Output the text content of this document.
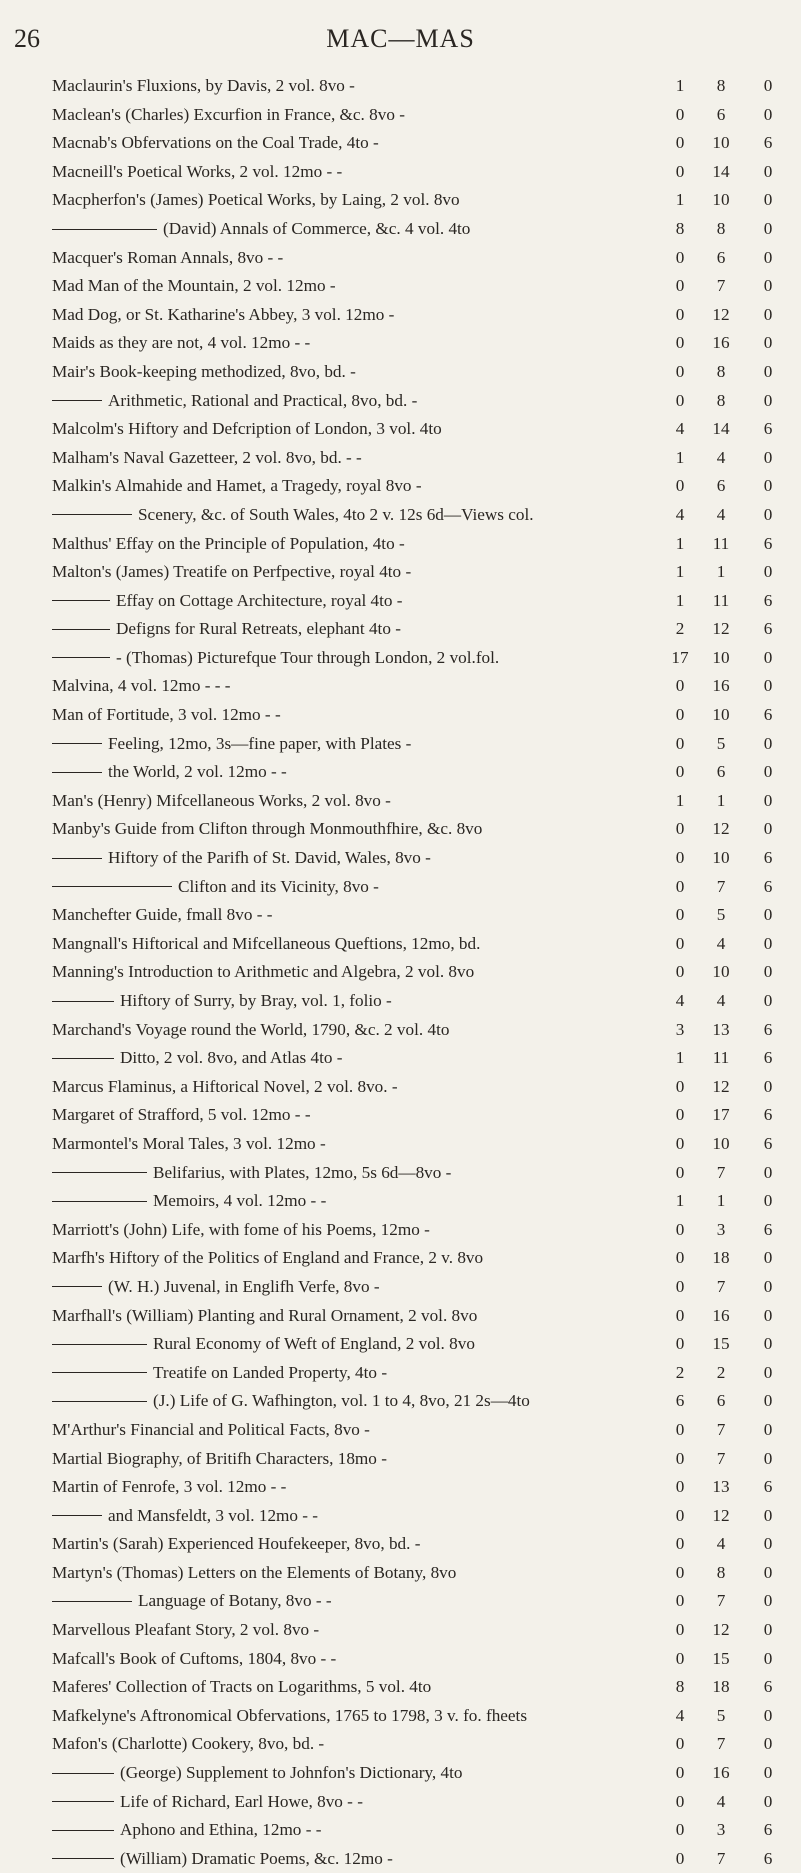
26	MAC—MAS
Maclaurin's Fluxions, by Davis, 2 vol. 8vo -	1	8	0
Maclean's (Charles) Excurfion in France, &c. 8vo -	0	6	0
Macnab's Obfervations on the Coal Trade, 4to -	0	10	6
Macneill's Poetical Works, 2 vol. 12mo - -	0	14	0
Macpherfon's (James) Poetical Works, by Laing, 2 vol. 8vo	1	10	0
(David) Annals of Commerce, &c. 4 vol. 4to	8	8	0
Macquer's Roman Annals, 8vo - -	0	6	0
Mad Man of the Mountain, 2 vol. 12mo -	0	7	0
Mad Dog, or St. Katharine's Abbey, 3 vol. 12mo -	0	12	0
Maids as they are not, 4 vol. 12mo - -	0	16	0
Mair's Book-keeping methodized, 8vo, bd. -	0	8	0
Arithmetic, Rational and Practical, 8vo, bd. -	0	8	0
Malcolm's Hiftory and Defcription of London, 3 vol. 4to	4	14	6
Malham's Naval Gazetteer, 2 vol. 8vo, bd. - -	1	4	0
Malkin's Almahide and Hamet, a Tragedy, royal 8vo -	0	6	0
Scenery, &c. of South Wales, 4to 2 v. 12s 6d—Views col.	4	4	0
Malthus' Effay on the Principle of Population, 4to -	1	11	6
Malton's (James) Treatife on Perfpective, royal 4to -	1	1	0
Effay on Cottage Architecture, royal 4to -	1	11	6
Defigns for Rural Retreats, elephant 4to -	2	12	6
- (Thomas) Picturefque Tour through London, 2 vol.fol.	17	10	0
Malvina, 4 vol. 12mo - - -	0	16	0
Man of Fortitude, 3 vol. 12mo - -	0	10	6
Feeling, 12mo, 3s—fine paper, with Plates -	0	5	0
the World, 2 vol. 12mo - -	0	6	0
Man's (Henry) Mifcellaneous Works, 2 vol. 8vo -	1	1	0
Manby's Guide from Clifton through Monmouthfhire, &c. 8vo	0	12	0
Hiftory of the Parifh of St. David, Wales, 8vo -	0	10	6
Clifton and its Vicinity, 8vo -	0	7	6
Manchefter Guide, fmall 8vo - -	0	5	0
Mangnall's Hiftorical and Mifcellaneous Queftions, 12mo, bd.	0	4	0
Manning's Introduction to Arithmetic and Algebra, 2 vol. 8vo	0	10	0
Hiftory of Surry, by Bray, vol. 1, folio -	4	4	0
Marchand's Voyage round the World, 1790, &c. 2 vol. 4to	3	13	6
Ditto, 2 vol. 8vo, and Atlas 4to -	1	11	6
Marcus Flaminus, a Hiftorical Novel, 2 vol. 8vo. -	0	12	0
Margaret of Strafford, 5 vol. 12mo - -	0	17	6
Marmontel's Moral Tales, 3 vol. 12mo -	0	10	6
Belifarius, with Plates, 12mo, 5s 6d—8vo -	0	7	0
Memoirs, 4 vol. 12mo - -	1	1	0
Marriott's (John) Life, with fome of his Poems, 12mo -	0	3	6
Marfh's Hiftory of the Politics of England and France, 2 v. 8vo	0	18	0
(W. H.) Juvenal, in Englifh Verfe, 8vo -	0	7	0
Marfhall's (William) Planting and Rural Ornament, 2 vol. 8vo	0	16	0
Rural Economy of Weft of England, 2 vol. 8vo	0	15	0
Treatife on Landed Property, 4to -	2	2	0
(J.) Life of G. Wafhington, vol. 1 to 4, 8vo, 21 2s—4to	6	6	0
M'Arthur's Financial and Political Facts, 8vo -	0	7	0
Martial Biography, of Britifh Characters, 18mo -	0	7	0
Martin of Fenrofe, 3 vol. 12mo - -	0	13	6
and Mansfeldt, 3 vol. 12mo - -	0	12	0
Martin's (Sarah) Experienced Houfekeeper, 8vo, bd. -	0	4	0
Martyn's (Thomas) Letters on the Elements of Botany, 8vo	0	8	0
Language of Botany, 8vo - -	0	7	0
Marvellous Pleafant Story, 2 vol. 8vo -	0	12	0
Mafcall's Book of Cuftoms, 1804, 8vo - -	0	15	0
Maferes' Collection of Tracts on Logarithms, 5 vol. 4to	8	18	6
Mafkelyne's Aftronomical Obfervations, 1765 to 1798, 3 v. fo. fheets	4	5	0
Mafon's (Charlotte) Cookery, 8vo, bd. -	0	7	0
(George) Supplement to Johnfon's Dictionary, 4to	0	16	0
Life of Richard, Earl Howe, 8vo - -	0	4	0
Aphono and Ethina, 12mo - -	0	3	6
(William) Dramatic Poems, &c. 12mo -	0	7	6
